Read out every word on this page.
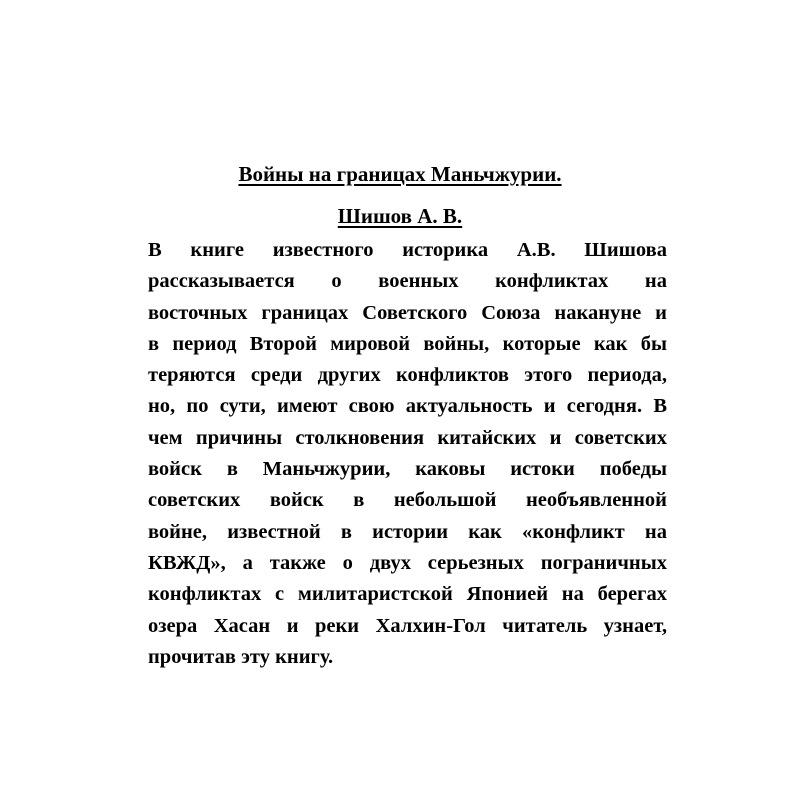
Войны на границах Маньчжурии.
Шишов А. В.
В книге известного историка А.В. Шишова
рассказывается о военных конфликтах на
восточных границах Советского Союза накануне и
в период Второй мировой войны, которые как бы
теряются среди других конфликтов этого периода,
но, по сути, имеют свою актуальность и сегодня. В
чем причины столкновения китайских и советских
войск в Маньчжурии, каковы истоки победы
советских войск в небольшой необъявленной
войне, известной в истории как «конфликт на
КВЖД», а также о двух серьезных пограничных
конфликтах с милитаристской Японией на берегах
озера Хасан и реки Халхин-Гол читатель узнает,
прочитав эту книгу.
